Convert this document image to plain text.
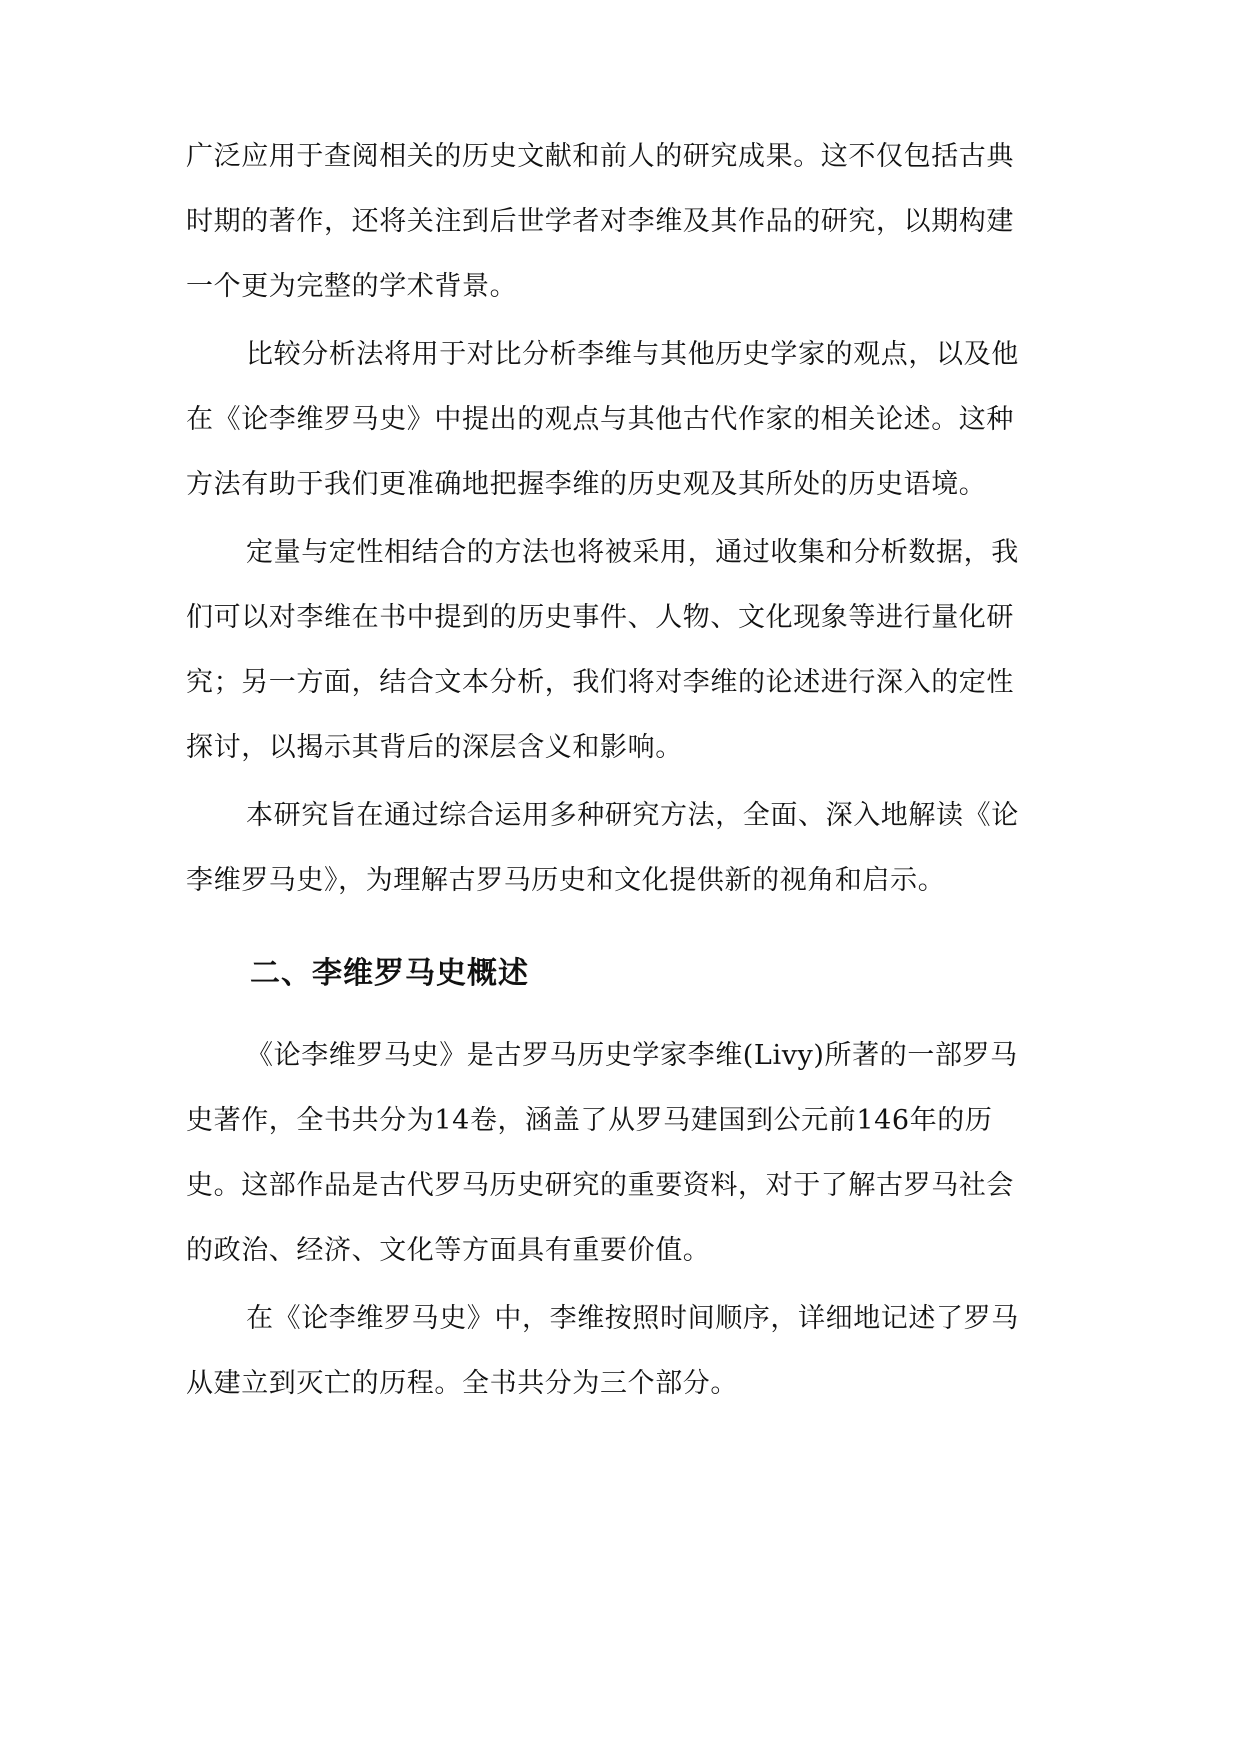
广泛应用于查阅相关的历史文献和前人的研究成果。这不仅包括古典
时期的著作，还将关注到后世学者对李维及其作品的研究，以期构建
一个更为完整的学术背景。
比较分析法将用于对比分析李维与其他历史学家的观点，以及他
在《论李维罗马史》中提出的观点与其他古代作家的相关论述。这种
方法有助于我们更准确地把握李维的历史观及其所处的历史语境。
定量与定性相结合的方法也将被采用，通过收集和分析数据，我
们可以对李维在书中提到的历史事件、人物、文化现象等进行量化研
究；另一方面，结合文本分析，我们将对李维的论述进行深入的定性
探讨，以揭示其背后的深层含义和影响。
本研究旨在通过综合运用多种研究方法，全面、深入地解读《论
李维罗马史》，为理解古罗马历史和文化提供新的视角和启示。
二、李维罗马史概述
《论李维罗马史》是古罗马历史学家李维(Livy)所著的一部罗马
史著作，全书共分为14卷，涵盖了从罗马建国到公元前146年的历
史。这部作品是古代罗马历史研究的重要资料，对于了解古罗马社会
的政治、经济、文化等方面具有重要价值。
在《论李维罗马史》中，李维按照时间顺序，详细地记述了罗马
从建立到灭亡的历程。全书共分为三个部分。
